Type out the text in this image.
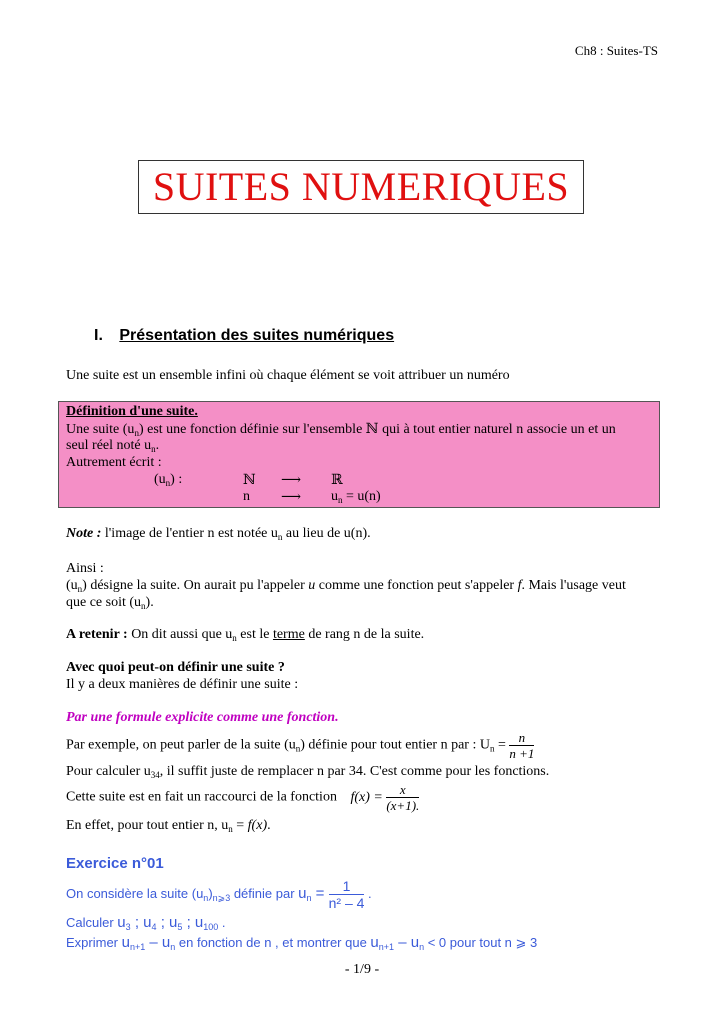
Ch8 : Suites-TS
SUITES NUMERIQUES
I. Présentation des suites numériques
Une suite est un ensemble infini où chaque élément se voit attribuer un numéro
Définition d'une suite.
Une suite $(u_n)$ est une fonction définie sur l'ensemble ℕ qui à tout entier naturel n associe un et un
seul réel noté $u_n$.
Autrement écrit :
$(u_n)$ :	ℕ ⟶ ℝ
n ⟶ $u_n = u(n)$
Note : l'image de l'entier n est notée $u_n$ au lieu de u(n).
Ainsi :
$(u_n)$ désigne la suite. On aurait pu l'appeler u comme une fonction peut s'appeler f. Mais l'usage veut
que ce soit $(u_n)$.
A retenir : On dit aussi que $u_n$ est le terme de rang n de la suite.
Avec quoi peut-on définir une suite ?
Il y a deux manières de définir une suite :
Par une formule explicite comme une fonction.
Par exemple, on peut parler de la suite $(u_n)$ définie pour tout entier n par : $U_n = \frac{n}{n +1}$
Pour calculer $u_{34}$, il suffit juste de remplacer n par 34. C'est comme pour les fonctions.
Cette suite est en fait un raccourci de la fonction $f(x) = \frac{x}{(x+1).}$
En effet, pour tout entier n, $u_n = f(x)$.
Exercice n°01
On considère la suite $(u_n)_{n⩾3}$ définie par $u_n = \frac{1}{\text{n² – 4}}$ .
Calculer $u_3$ ; $u_4$ ; $u_5$ ; $u_{100}$ .
Exprimer $u_{n+1} - u_n$ en fonction de n , et montrer que $u_{n+1} - u_n < 0$ pour tout n ⩾ 3
- 1/9 -
